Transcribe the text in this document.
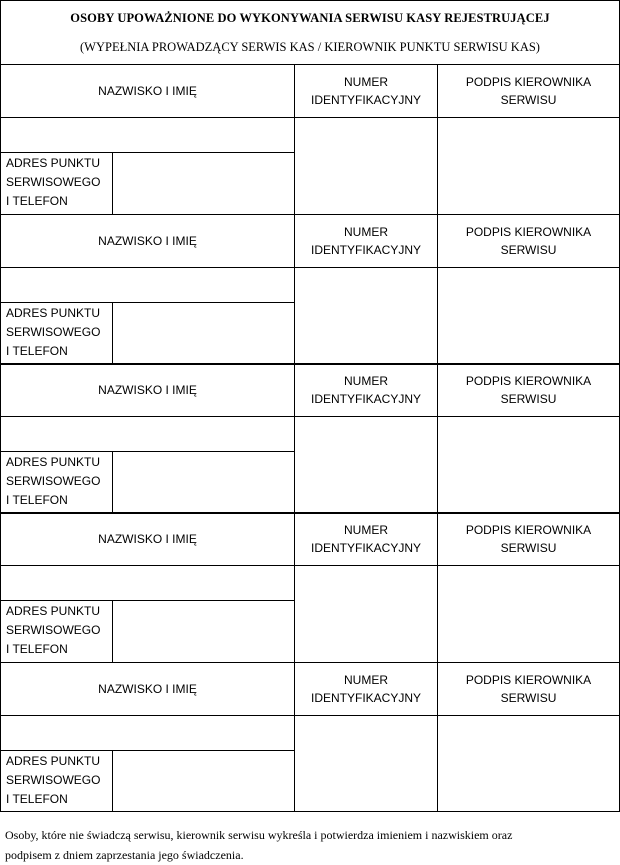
OSOBY UPOWAŻNIONE DO WYKONYWANIA SERWISU KASY REJESTRUJĄCEJ
(WYPEŁNIA PROWADZĄCY SERWIS KAS / KIEROWNIK PUNKTU SERWISU KAS)
NAZWISKO I IMIĘ
NUMER
IDENTYFIKACYJNY
PODPIS KIEROWNIKA
SERWISU
ADRES PUNKTU
SERWISOWEGO
I TELEFON
NAZWISKO I IMIĘ
NUMER
IDENTYFIKACYJNY
PODPIS KIEROWNIKA
SERWISU
ADRES PUNKTU
SERWISOWEGO
I TELEFON
NAZWISKO I IMIĘ
NUMER
IDENTYFIKACYJNY
PODPIS KIEROWNIKA
SERWISU
ADRES PUNKTU
SERWISOWEGO
I TELEFON
NAZWISKO I IMIĘ
NUMER
IDENTYFIKACYJNY
PODPIS KIEROWNIKA
SERWISU
ADRES PUNKTU
SERWISOWEGO
I TELEFON
NAZWISKO I IMIĘ
NUMER
IDENTYFIKACYJNY
PODPIS KIEROWNIKA
SERWISU
ADRES PUNKTU
SERWISOWEGO
I TELEFON
Osoby, które nie świadczą serwisu, kierownik serwisu wykreśla i potwierdza imieniem i nazwiskiem oraz
podpisem z dniem zaprzestania jego świadczenia.
